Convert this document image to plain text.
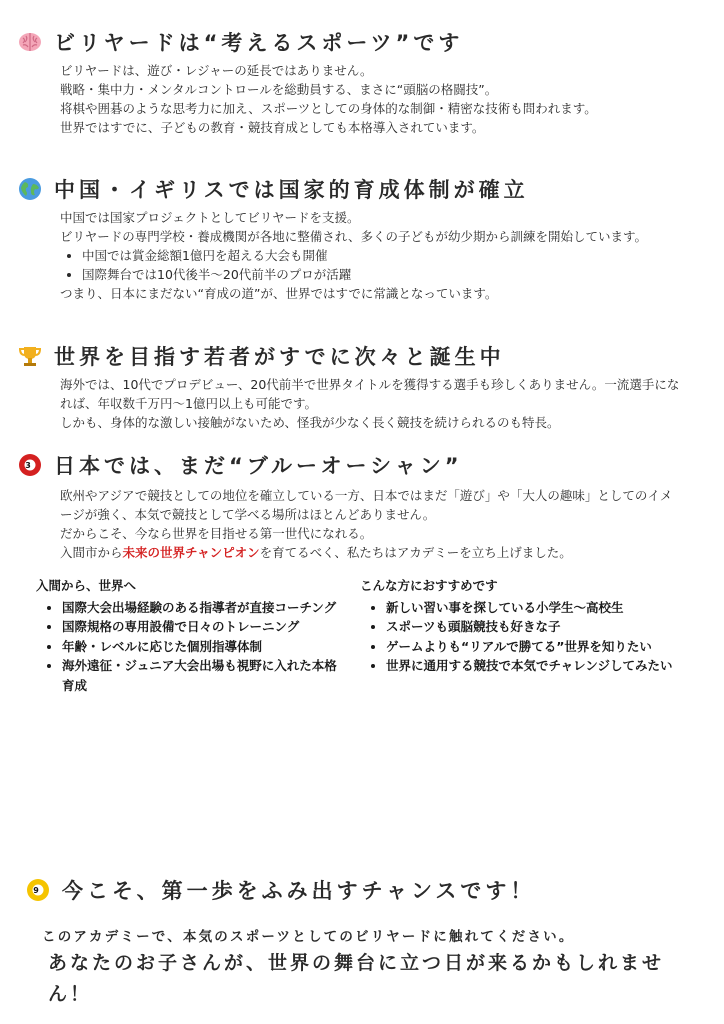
ビリヤードは“考えるスポーツ”です

ビリヤードは、遊び・レジャーの延長ではありません。

戦略・集中力・メンタルコントロールを総動員する、まさに“頭脳の格闘技”。

将棋や囲碁のような思考力に加え、スポーツとしての身体的な制御・精密な技術も問われます。

世界ではすでに、子どもの教育・競技育成としても本格導入されています。

中国・イギリスでは国家的育成体制が確立

中国では国家プロジェクトとしてビリヤードを支援。

ビリヤードの専門学校・養成機関が各地に整備され、多くの子どもが幼少期から訓練を開始しています。

• 中国では賞金総額1億円を超える大会も開催
• 国際舞台では10代後半〜20代前半のプロが活躍

つまり、日本にまだない“育成の道”が、世界ではすでに常識となっています。

世界を目指す若者がすでに次々と誕生中

海外では、10代でプロデビュー、20代前半で世界タイトルを獲得する選手も珍しくありません。一流選手になれば、年収数千万円〜1億円以上も可能です。

しかも、身体的な激しい接触がないため、怪我が少なく長く競技を続けられるのも特長。

3 日本では、まだ“ブルーオーシャン”

欧州やアジアで競技としての地位を確立している一方、日本ではまだ「遊び」や「大人の趣味」としてのイメージが強く、本気で競技として学べる場所はほとんどありません。

だからこそ、今なら世界を目指せる第一世代になれる。

入間市から未来の世界チャンピオンを育てるべく、私たちはアカデミーを立ち上げました。

入間から、世界へ

• 国際大会出場経験のある指導者が直接コーチング
• 国際規格の専用設備で日々のトレーニング
• 年齢・レベルに応じた個別指導体制
• 海外遠征・ジュニア大会出場も視野に入れた本格育成

こんな方におすすめです

• 新しい習い事を探している小学生〜高校生
• スポーツも頭脳競技も好きな子
• ゲームよりも“リアルで勝てる”世界を知りたい
• 世界に通用する競技で本気でチャレンジしてみたい
9 今こそ、第一歩をふみ出すチャンスです！
このアカデミーで、本気のスポーツとしてのビリヤードに触れてください。
あなたのお子さんが、世界の舞台に立つ日が来るかもしれません！
